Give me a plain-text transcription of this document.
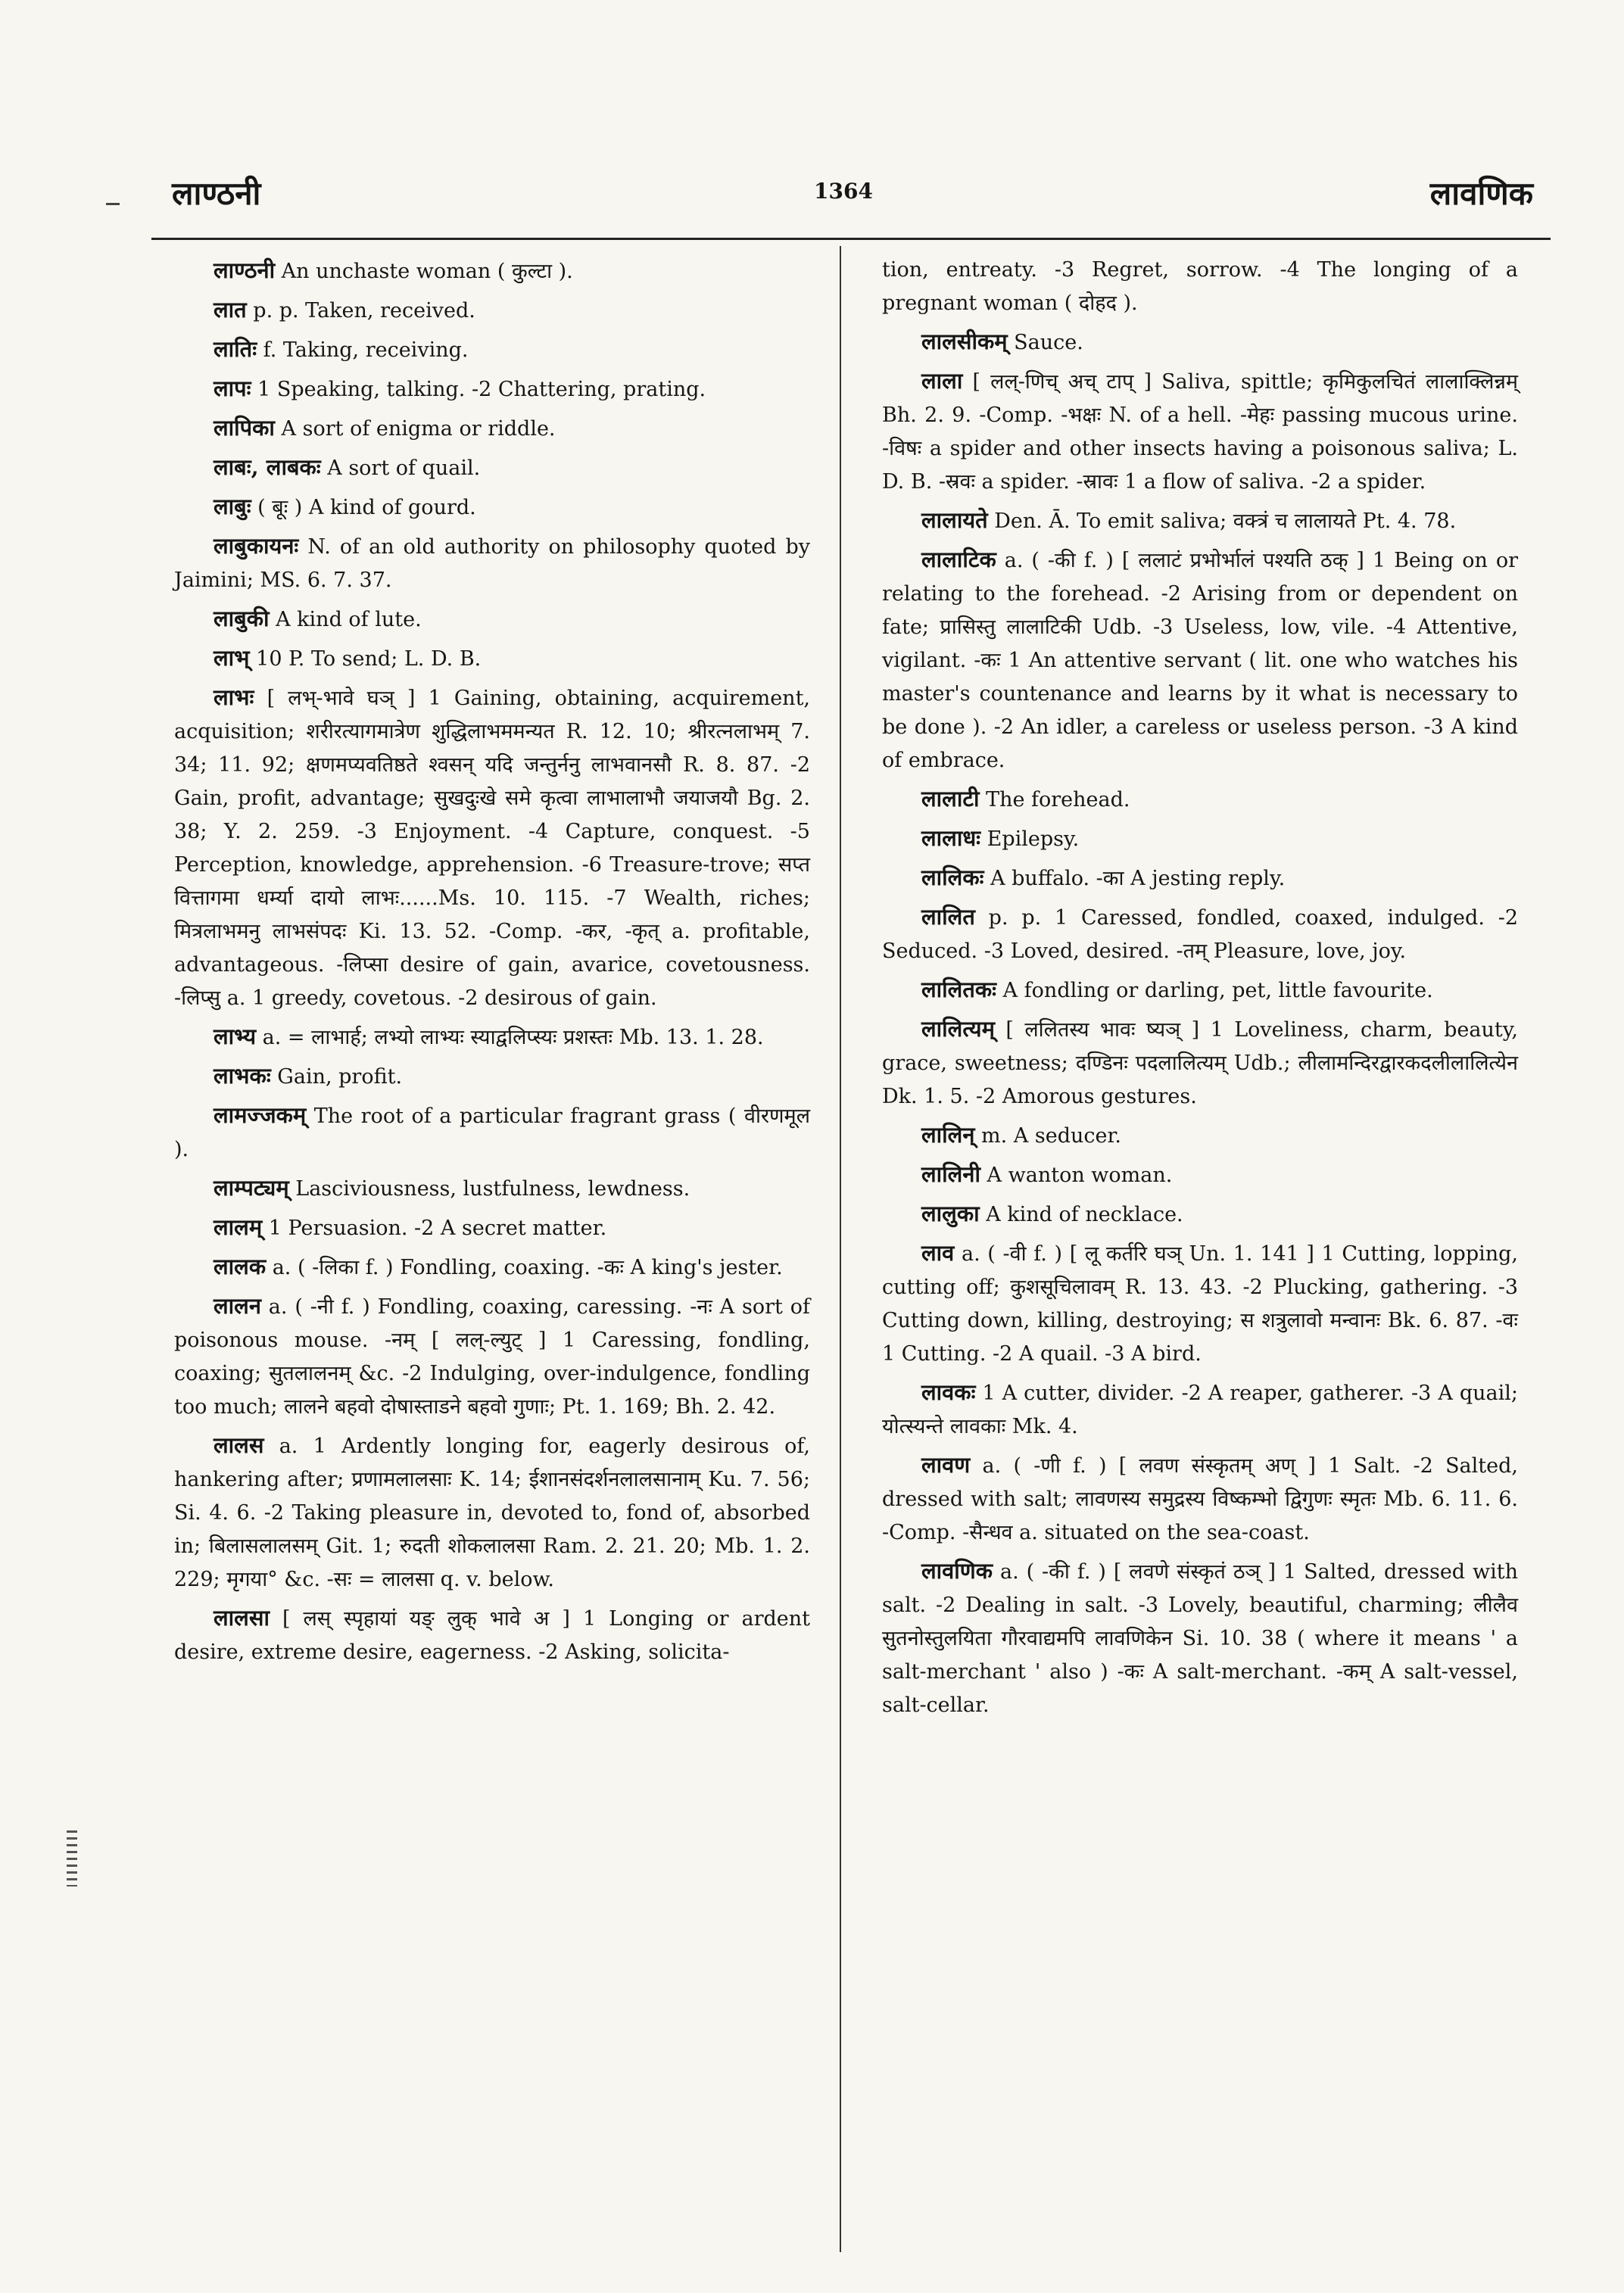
लाण्ठनी	1364	लावणिक

लाण्ठनी An unchaste woman ( कुल्टा ).

लात p. p. Taken, received.

लातिः f. Taking, receiving.

लापः 1 Speaking, talking. -2 Chattering, prating.

लापिका A sort of enigma or riddle.

लाबः, लाबकः A sort of quail.

लाबुः ( बूः ) A kind of gourd.

लाबुकायनः N. of an old authority on philosophy quoted by Jaimini; MS. 6. 7. 37.

लाबुकी A kind of lute.

लाभ् 10 P. To send; L. D. B.

लाभः [ लभ्-भावे घञ् ] 1 Gaining, obtaining, acquirement, acquisition; शरीरत्यागमात्रेण शुद्धिलाभममन्यत R. 12. 10; श्रीरत्नलाभम् 7. 34; 11. 92; क्षणमप्यवतिष्ठते श्वसन् यदि जन्तुर्ननु लाभवानसौ R. 8. 87. -2 Gain, profit, advantage; सुखदुःखे समे कृत्वा लाभालाभौ जयाजयौ Bg. 2. 38; Y. 2. 259. -3 Enjoyment. -4 Capture, conquest. -5 Perception, knowledge, apprehension. -6 Treasure-trove; सप्त वित्तागमा धर्म्या दायो लाभः......Ms. 10. 115. -7 Wealth, riches; मित्रलाभमनु लाभसंपदः Ki. 13. 52. -Comp. -कर, -कृत् a. profitable, advantageous. -लिप्सा desire of gain, avarice, covetousness. -लिप्सु a. 1 greedy, covetous. -2 desirous of gain.

लाभ्य a. = लाभार्ह; लभ्यो लाभ्यः स्याद्वलिप्स्यः प्रशस्तः Mb. 13. 1. 28.

लाभकः Gain, profit.

लामज्जकम् The root of a particular fragrant grass ( वीरणमूल ).

लाम्पट्यम् Lasciviousness, lustfulness, lewdness.

लालम् 1 Persuasion. -2 A secret matter.

लालक a. ( -लिका f. ) Fondling, coaxing. -कः A king's jester.

लालन a. ( -नी f. ) Fondling, coaxing, caressing. -नः A sort of poisonous mouse. -नम् [ लल्-ल्युट् ] 1 Caressing, fondling, coaxing; सुतलालनम् &c. -2 Indulging, over-indulgence, fondling too much; लालने बहवो दोषास्ताडने बहवो गुणाः; Pt. 1. 169; Bh. 2. 42.

लालस a. 1 Ardently longing for, eagerly desirous of, hankering after; प्रणामलालसाः K. 14; ईशानसंदर्शनलालसानाम् Ku. 7. 56; Si. 4. 6. -2 Taking pleasure in, devoted to, fond of, absorbed in; बिलासलालसम् Git. 1; रुदती शोकलालसा Ram. 2. 21. 20; Mb. 1. 2. 229; मृगया° &c. -सः = लालसा q. v. below.

लालसा [ लस् स्पृहायां यङ् लुक् भावे अ ] 1 Longing or ardent desire, extreme desire, eagerness. -2 Asking, solicita-

tion, entreaty. -3 Regret, sorrow. -4 The longing of a pregnant woman ( दोहद ).

लालसीकम् Sauce.

लाला [ लल्-णिच् अच् टाप् ] Saliva, spittle; कृमिकुलचितं लालाक्लिन्नम् Bh. 2. 9. -Comp. -भक्षः N. of a hell. -मेहः passing mucous urine. -विषः a spider and other insects having a poisonous saliva; L. D. B. -स्रवः a spider. -स्रावः 1 a flow of saliva. -2 a spider.

लालायते Den. Ā. To emit saliva; वक्त्रं च लालायते Pt. 4. 78.

लालाटिक a. ( -की f. ) [ ललाटं प्रभोर्भालं पश्यति ठक् ] 1 Being on or relating to the forehead. -2 Arising from or dependent on fate; प्रासिस्तु लालाटिकी Udb. -3 Useless, low, vile. -4 Attentive, vigilant. -कः 1 An attentive servant ( lit. one who watches his master's countenance and learns by it what is necessary to be done ). -2 An idler, a careless or useless person. -3 A kind of embrace.

लालाटी The forehead.

लालाधः Epilepsy.

लालिकः A buffalo. -का A jesting reply.

लालित p. p. 1 Caressed, fondled, coaxed, indulged. -2 Seduced. -3 Loved, desired. -तम् Pleasure, love, joy.

लालितकः A fondling or darling, pet, little favourite.

लालित्यम् [ ललितस्य भावः ष्यञ् ] 1 Loveliness, charm, beauty, grace, sweetness; दण्डिनः पदलालित्यम् Udb.; लीलामन्दिरद्वारकदलीलालित्येन Dk. 1. 5. -2 Amorous gestures.

लालिन् m. A seducer.

लालिनी A wanton woman.

लालुका A kind of necklace.

लाव a. ( -वी f. ) [ लू कर्तरि घञ् Un. 1. 141 ] 1 Cutting, lopping, cutting off; कुशसूचिलावम् R. 13. 43. -2 Plucking, gathering. -3 Cutting down, killing, destroying; स शत्रुलावो मन्वानः Bk. 6. 87. -वः 1 Cutting. -2 A quail. -3 A bird.

लावकः 1 A cutter, divider. -2 A reaper, gatherer. -3 A quail; योत्स्यन्ते लावकाः Mk. 4.

लावण a. ( -णी f. ) [ लवण संस्कृतम् अण् ] 1 Salt. -2 Salted, dressed with salt; लावणस्य समुद्रस्य विष्कम्भो द्विगुणः स्मृतः Mb. 6. 11. 6. -Comp. -सैन्धव a. situated on the sea-coast.

लावणिक a. ( -की f. ) [ लवणे संस्कृतं ठञ् ] 1 Salted, dressed with salt. -2 Dealing in salt. -3 Lovely, beautiful, charming; लीलैव सुतनोस्तुलयिता गौरवाद्यमपि लावणिकेन Si. 10. 38 ( where it means ' a salt-merchant ' also ) -कः A salt-merchant. -कम् A salt-vessel, salt-cellar.
